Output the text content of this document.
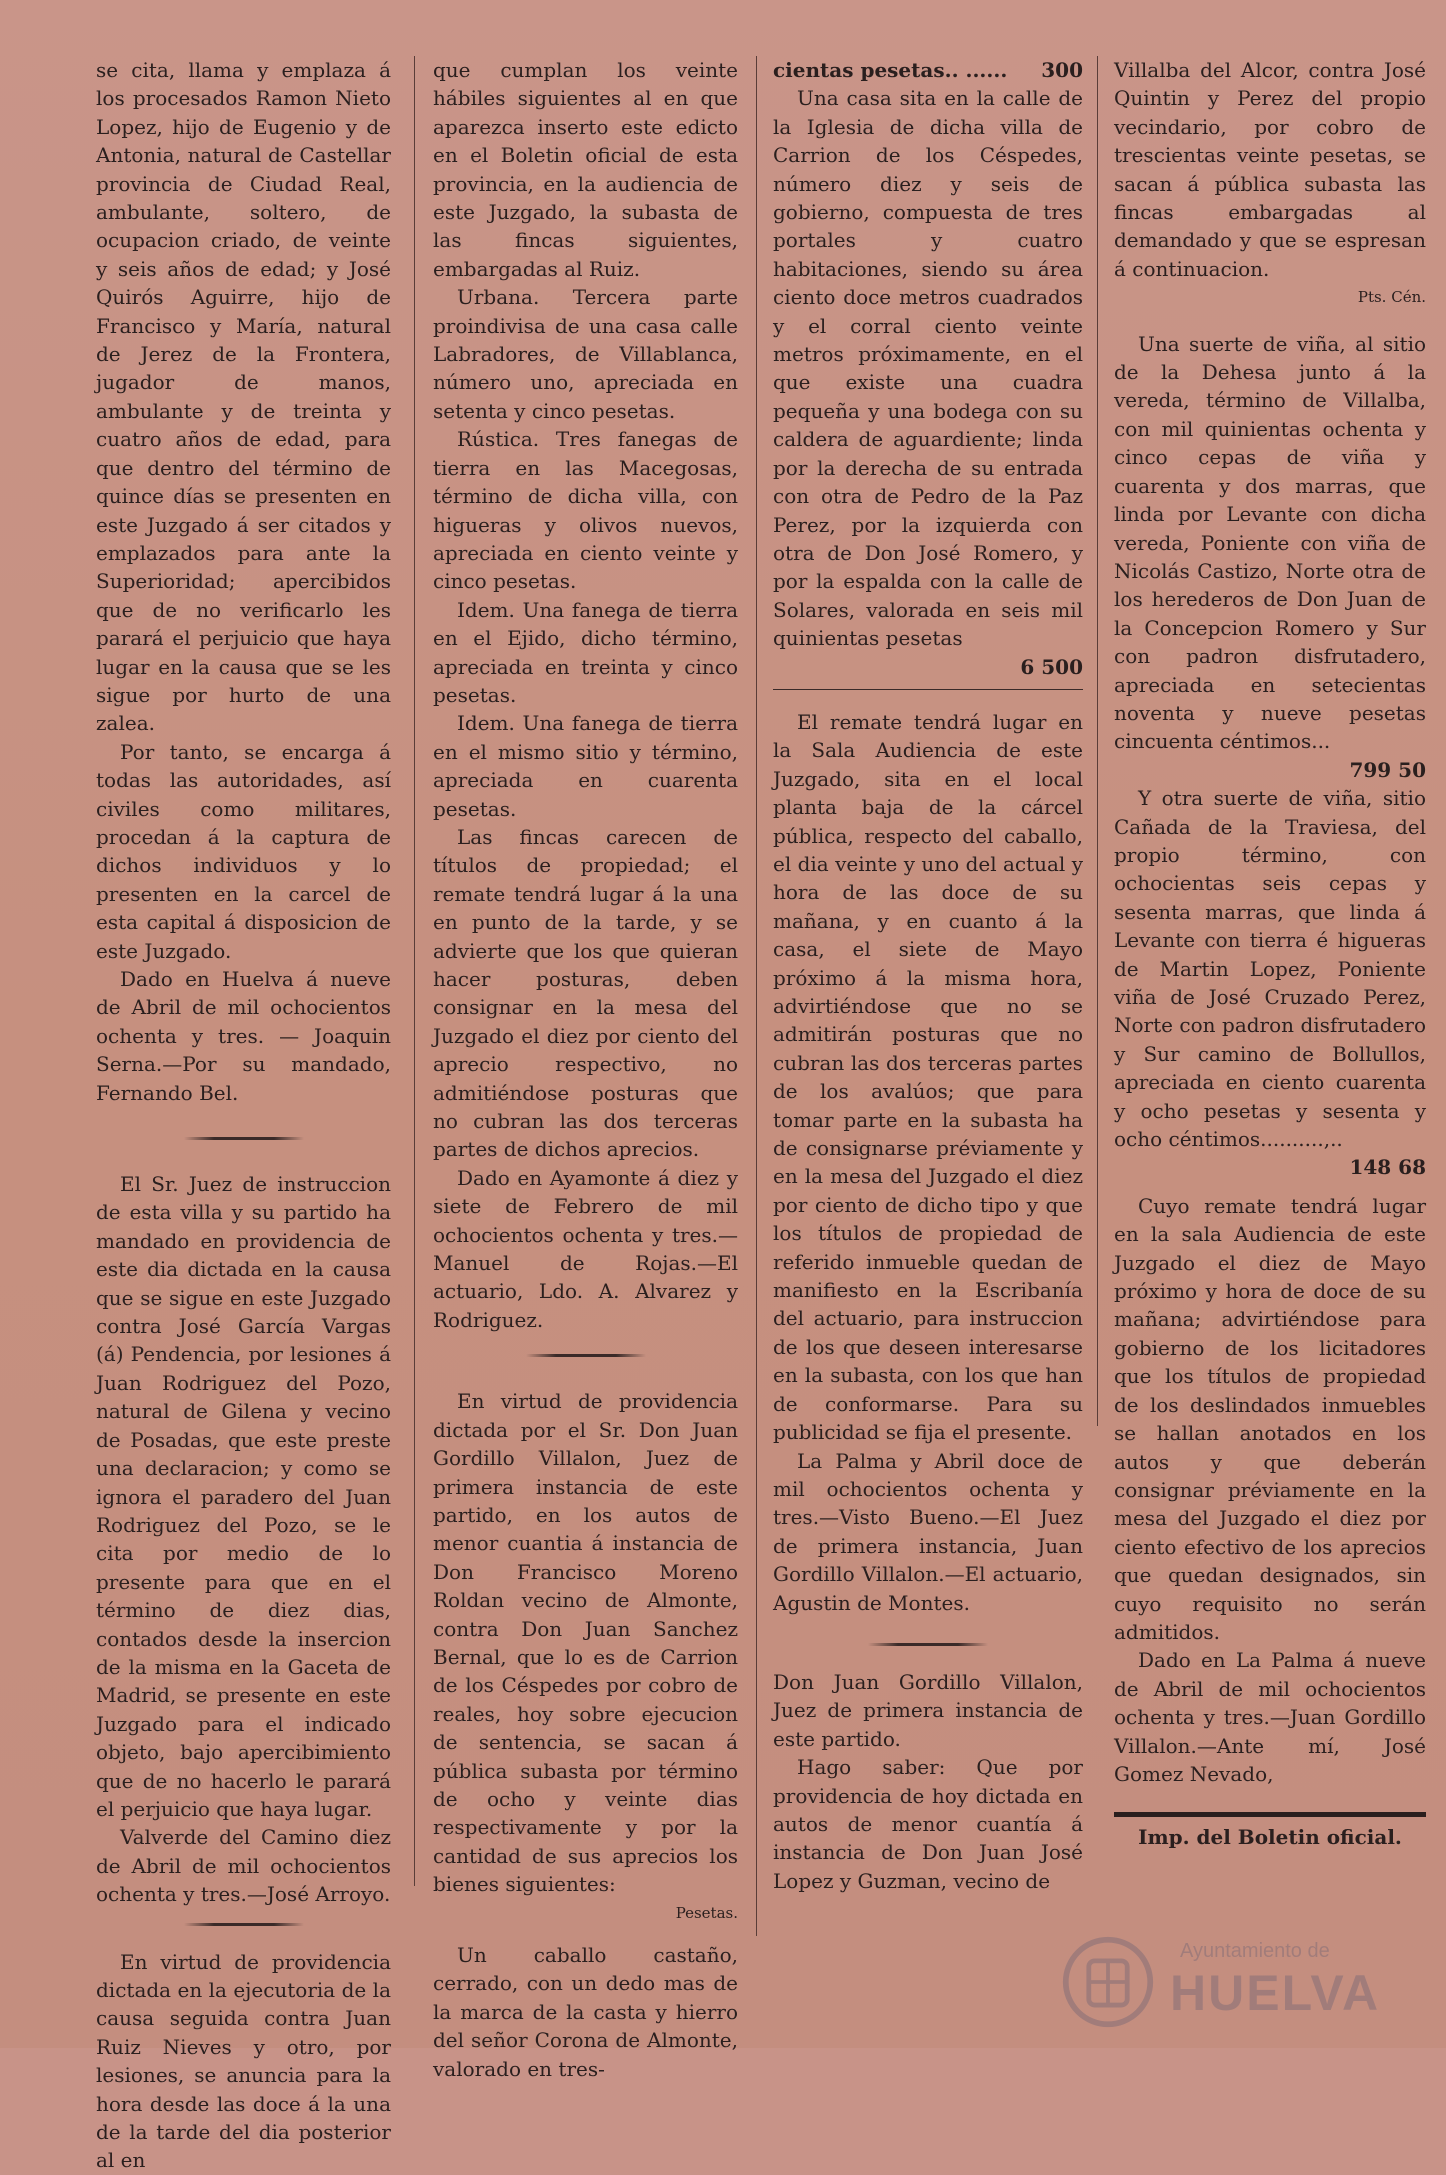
se cita, llama y emplaza á los procesados Ramon Nieto Lopez, hijo de Eugenio y de Antonia, natural de Castellar provincia de Ciudad Real, ambulante, soltero, de ocupacion criado, de veinte y seis años de edad; y José Quirós Aguirre, hijo de Francisco y María, natural de Jerez de la Frontera, jugador de manos, ambulante y de treinta y cuatro años de edad, para que dentro del término de quince días se presenten en este Juzgado á ser citados y emplazados para ante la Superioridad; apercibidos que de no verificarlo les parará el perjuicio que haya lugar en la causa que se les sigue por hurto de una zalea.

Por tanto, se encarga á todas las autoridades, así civiles como militares, procedan á la captura de dichos individuos y lo presenten en la carcel de esta capital á disposicion de este Juzgado.

Dado en Huelva á nueve de Abril de mil ochocientos ochenta y tres. — Joaquin Serna.—Por su mandado, Fernando Bel.

El Sr. Juez de instruccion de esta villa y su partido ha mandado en providencia de este dia dictada en la causa que se sigue en este Juzgado contra José García Vargas (á) Pendencia, por lesiones á Juan Rodriguez del Pozo, natural de Gilena y vecino de Posadas, que este preste una declaracion; y como se ignora el paradero del Juan Rodriguez del Pozo, se le cita por medio de lo presente para que en el término de diez dias, contados desde la insercion de la misma en la Gaceta de Madrid, se presente en este Juzgado para el indicado objeto, bajo apercibimiento que de no hacerlo le parará el perjuicio que haya lugar.

Valverde del Camino diez de Abril de mil ochocientos ochenta y tres.—José Arroyo.

En virtud de providencia dictada en la ejecutoria de la causa seguida contra Juan Ruiz Nieves y otro, por lesiones, se anuncia para la hora desde las doce á la una de la tarde del dia posterior al en

que cumplan los veinte hábiles siguientes al en que aparezca inserto este edicto en el Boletin oficial de esta provincia, en la audiencia de este Juzgado, la subasta de las fincas siguientes, embargadas al Ruiz.

Urbana. Tercera parte proindivisa de una casa calle Labradores, de Villablanca, número uno, apreciada en setenta y cinco pesetas.

Rústica. Tres fanegas de tierra en las Macegosas, término de dicha villa, con higueras y olivos nuevos, apreciada en ciento veinte y cinco pesetas.

Idem. Una fanega de tierra en el Ejido, dicho término, apreciada en treinta y cinco pesetas.

Idem. Una fanega de tierra en el mismo sitio y término, apreciada en cuarenta pesetas.

Las fincas carecen de títulos de propiedad; el remate tendrá lugar á la una en punto de la tarde, y se advierte que los que quieran hacer posturas, deben consignar en la mesa del Juzgado el diez por ciento del aprecio respectivo, no admitiéndose posturas que no cubran las dos terceras partes de dichos aprecios.

Dado en Ayamonte á diez y siete de Febrero de mil ochocientos ochenta y tres.—Manuel de Rojas.—El actuario, Ldo. A. Alvarez y Rodriguez.

En virtud de providencia dictada por el Sr. Don Juan Gordillo Villalon, Juez de primera instancia de este partido, en los autos de menor cuantia á instancia de Don Francisco Moreno Roldan vecino de Almonte, contra Don Juan Sanchez Bernal, que lo es de Carrion de los Céspedes por cobro de reales, hoy sobre ejecucion de sentencia, se sacan á pública subasta por término de ocho y veinte dias respectivamente y por la cantidad de sus aprecios los bienes siguientes:

Pesetas.

Un caballo castaño, cerrado, con un dedo mas de la marca de la casta y hierro del señor Corona de Almonte, valorado en tres-

cientas pesetas.. ...... 300

Una casa sita en la calle de la Iglesia de dicha villa de Carrion de los Céspedes, número diez y seis de gobierno, compuesta de tres portales y cuatro habitaciones, siendo su área ciento doce metros cuadrados y el corral ciento veinte metros próximamente, en el que existe una cuadra pequeña y una bodega con su caldera de aguardiente; linda por la derecha de su entrada con otra de Pedro de la Paz Perez, por la izquierda con otra de Don José Romero, y por la espalda con la calle de Solares, valorada en seis mil quinientas pesetas

6 500

El remate tendrá lugar en la Sala Audiencia de este Juzgado, sita en el local planta baja de la cárcel pública, respecto del caballo, el dia veinte y uno del actual y hora de las doce de su mañana, y en cuanto á la casa, el siete de Mayo próximo á la misma hora, advirtiéndose que no se admitirán posturas que no cubran las dos terceras partes de los avalúos; que para tomar parte en la subasta ha de consignarse préviamente y en la mesa del Juzgado el diez por ciento de dicho tipo y que los títulos de propiedad de referido inmueble quedan de manifiesto en la Escribanía del actuario, para instruccion de los que deseen interesarse en la subasta, con los que han de conformarse. Para su publicidad se fija el presente.

La Palma y Abril doce de mil ochocientos ochenta y tres.—Visto Bueno.—El Juez de primera instancia, Juan Gordillo Villalon.—El actuario, Agustin de Montes.

Don Juan Gordillo Villalon, Juez de primera instancia de este partido.

Hago saber: Que por providencia de hoy dictada en autos de menor cuantía á instancia de Don Juan José Lopez y Guzman, vecino de

Villalba del Alcor, contra José Quintin y Perez del propio vecindario, por cobro de trescientas veinte pesetas, se sacan á pública subasta las fincas embargadas al demandado y que se espresan á continuacion.

Pts. Cén.

Una suerte de viña, al sitio de la Dehesa junto á la vereda, término de Villalba, con mil quinientas ochenta y cinco cepas de viña y cuarenta y dos marras, que linda por Levante con dicha vereda, Poniente con viña de Nicolás Castizo, Norte otra de los herederos de Don Juan de la Concepcion Romero y Sur con padron disfrutadero, apreciada en setecientas noventa y nueve pesetas cincuenta céntimos...

799 50

Y otra suerte de viña, sitio Cañada de la Traviesa, del propio término, con ochocientas seis cepas y sesenta marras, que linda á Levante con tierra é higueras de Martin Lopez, Poniente viña de José Cruzado Perez, Norte con padron disfrutadero y Sur camino de Bollullos, apreciada en ciento cuarenta y ocho pesetas y sesenta y ocho céntimos..........,..

148 68

Cuyo remate tendrá lugar en la sala Audiencia de este Juzgado el diez de Mayo próximo y hora de doce de su mañana; advirtiéndose para gobierno de los licitadores que los títulos de propiedad de los deslindados inmuebles se hallan anotados en los autos y que deberán consignar préviamente en la mesa del Juzgado el diez por ciento efectivo de los aprecios que quedan designados, sin cuyo requisito no serán admitidos.

Dado en La Palma á nueve de Abril de mil ochocientos ochenta y tres.—Juan Gordillo Villalon.—Ante mí, José Gomez Nevado,

Imp. del Boletin oficial.

Ayuntamiento de
HUELVA
